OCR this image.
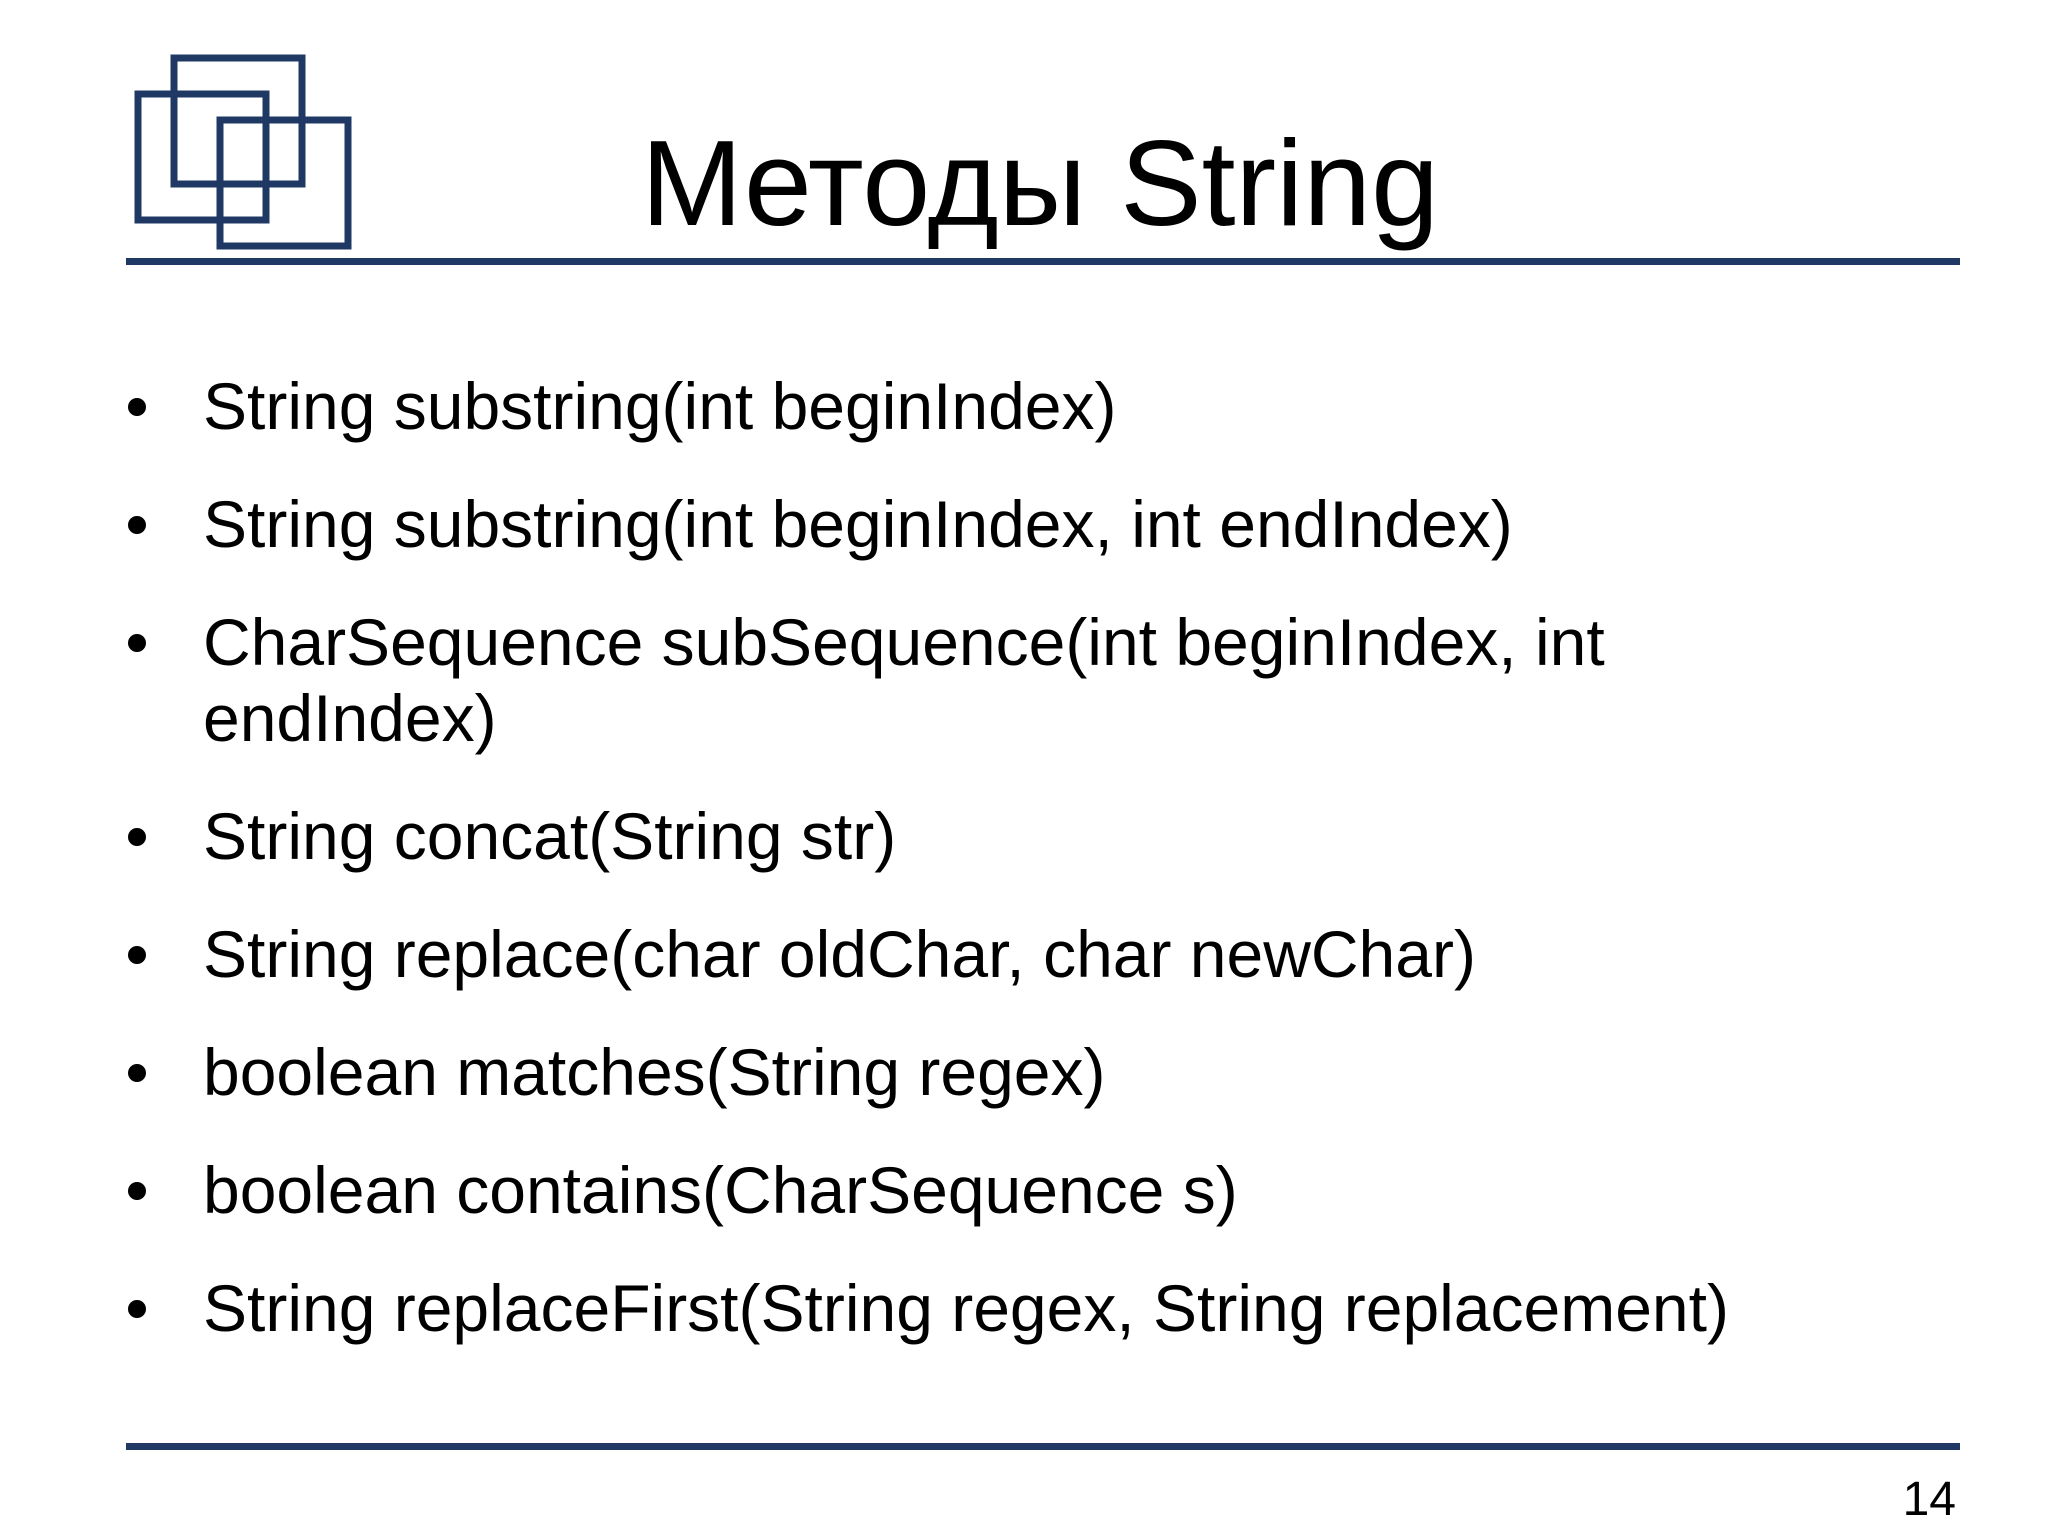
Методы String
String substring(int beginIndex)
String substring(int beginIndex, int endIndex)
CharSequence subSequence(int beginIndex, int endIndex)
String concat(String str)
String replace(char oldChar, char newChar)
boolean matches(String regex)
boolean contains(CharSequence s)
String replaceFirst(String regex, String replacement)
14
